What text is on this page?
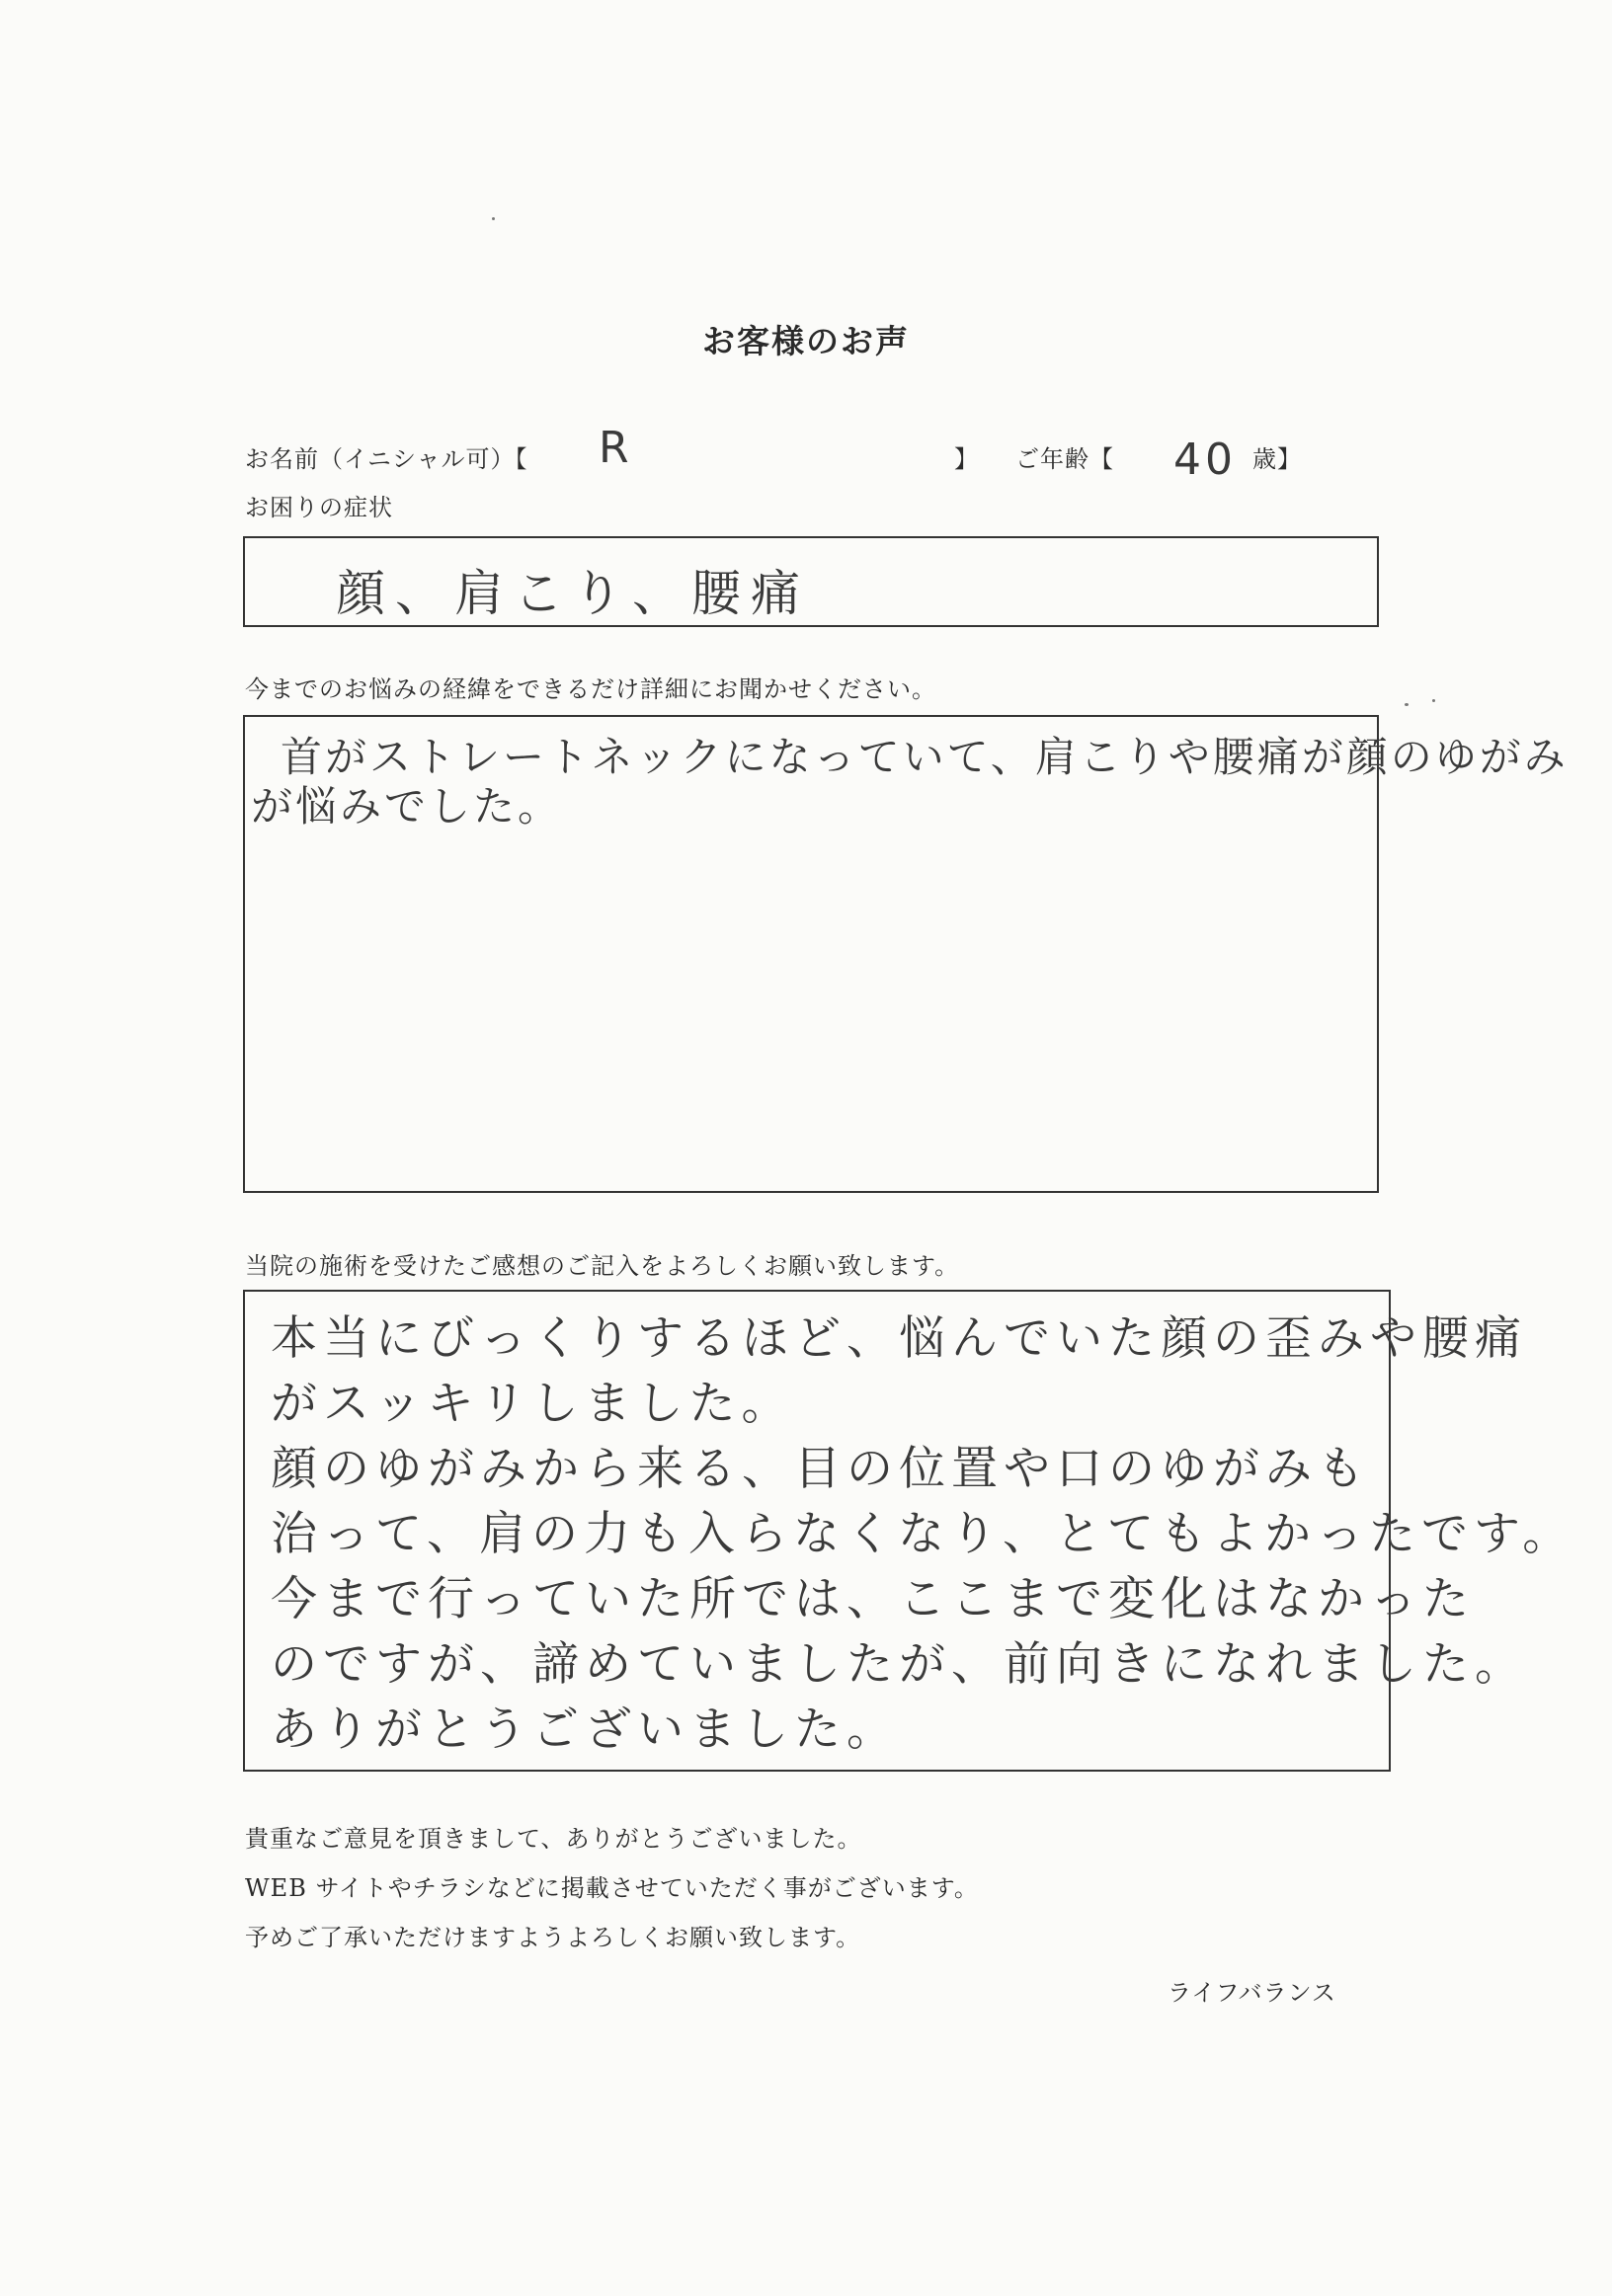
お客様のお声
お名前（イニシャル可）【 R	】 ご年齢【 40 歳】
お困りの症状
顔、肩こり、腰痛
今までのお悩みの経緯をできるだけ詳細にお聞かせください。
首がストレートネックになっていて、肩こりや腰痛が顔のゆがみ
が悩みでした。
当院の施術を受けたご感想のご記入をよろしくお願い致します。
本当にびっくりするほど、悩んでいた顔の歪みや腰痛
がスッキリしました。
顔のゆがみから来る、目の位置や口のゆがみも
治って、肩の力も入らなくなり、とてもよかったです。
今まで行っていた所では、ここまで変化はなかった
のですが、諦めていましたが、前向きになれました。
ありがとうございました。
貴重なご意見を頂きまして、ありがとうございました。
WEB サイトやチラシなどに掲載させていただく事がございます。
予めご了承いただけますようよろしくお願い致します。
ライフバランス
